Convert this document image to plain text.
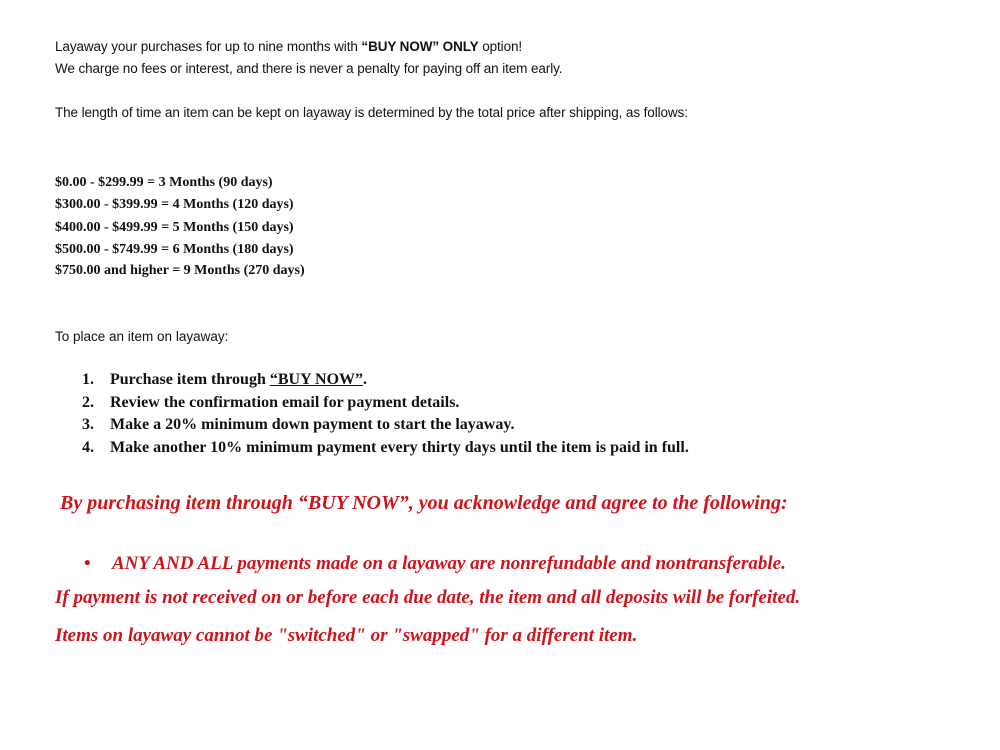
Layaway your purchases for up to nine months with “BUY NOW” ONLY option!

We charge no fees or interest, and there is never a penalty for paying off an item early.

The length of time an item can be kept on layaway is determined by the total price after shipping, as follows:

$0.00 - $299.99 = 3 Months (90 days)

$300.00 - $399.99 = 4 Months (120 days)

$400.00 - $499.99 = 5 Months (150 days)

$500.00 - $749.99 = 6 Months (180 days)

$750.00 and higher = 9 Months (270 days)

To place an item on layaway:

1. Purchase item through “BUY NOW”.
2. Review the confirmation email for payment details.
3. Make a 20% minimum down payment to start the layaway.
4. Make another 10% minimum payment every thirty days until the item is paid in full.

By purchasing item through “BUY NOW”, you acknowledge and agree to the following:

• ANY AND ALL payments made on a layaway are nonrefundable and nontransferable.

If payment is not received on or before each due date, the item and all deposits will be forfeited.

Items on layaway cannot be "switched" or "swapped" for a different item.
